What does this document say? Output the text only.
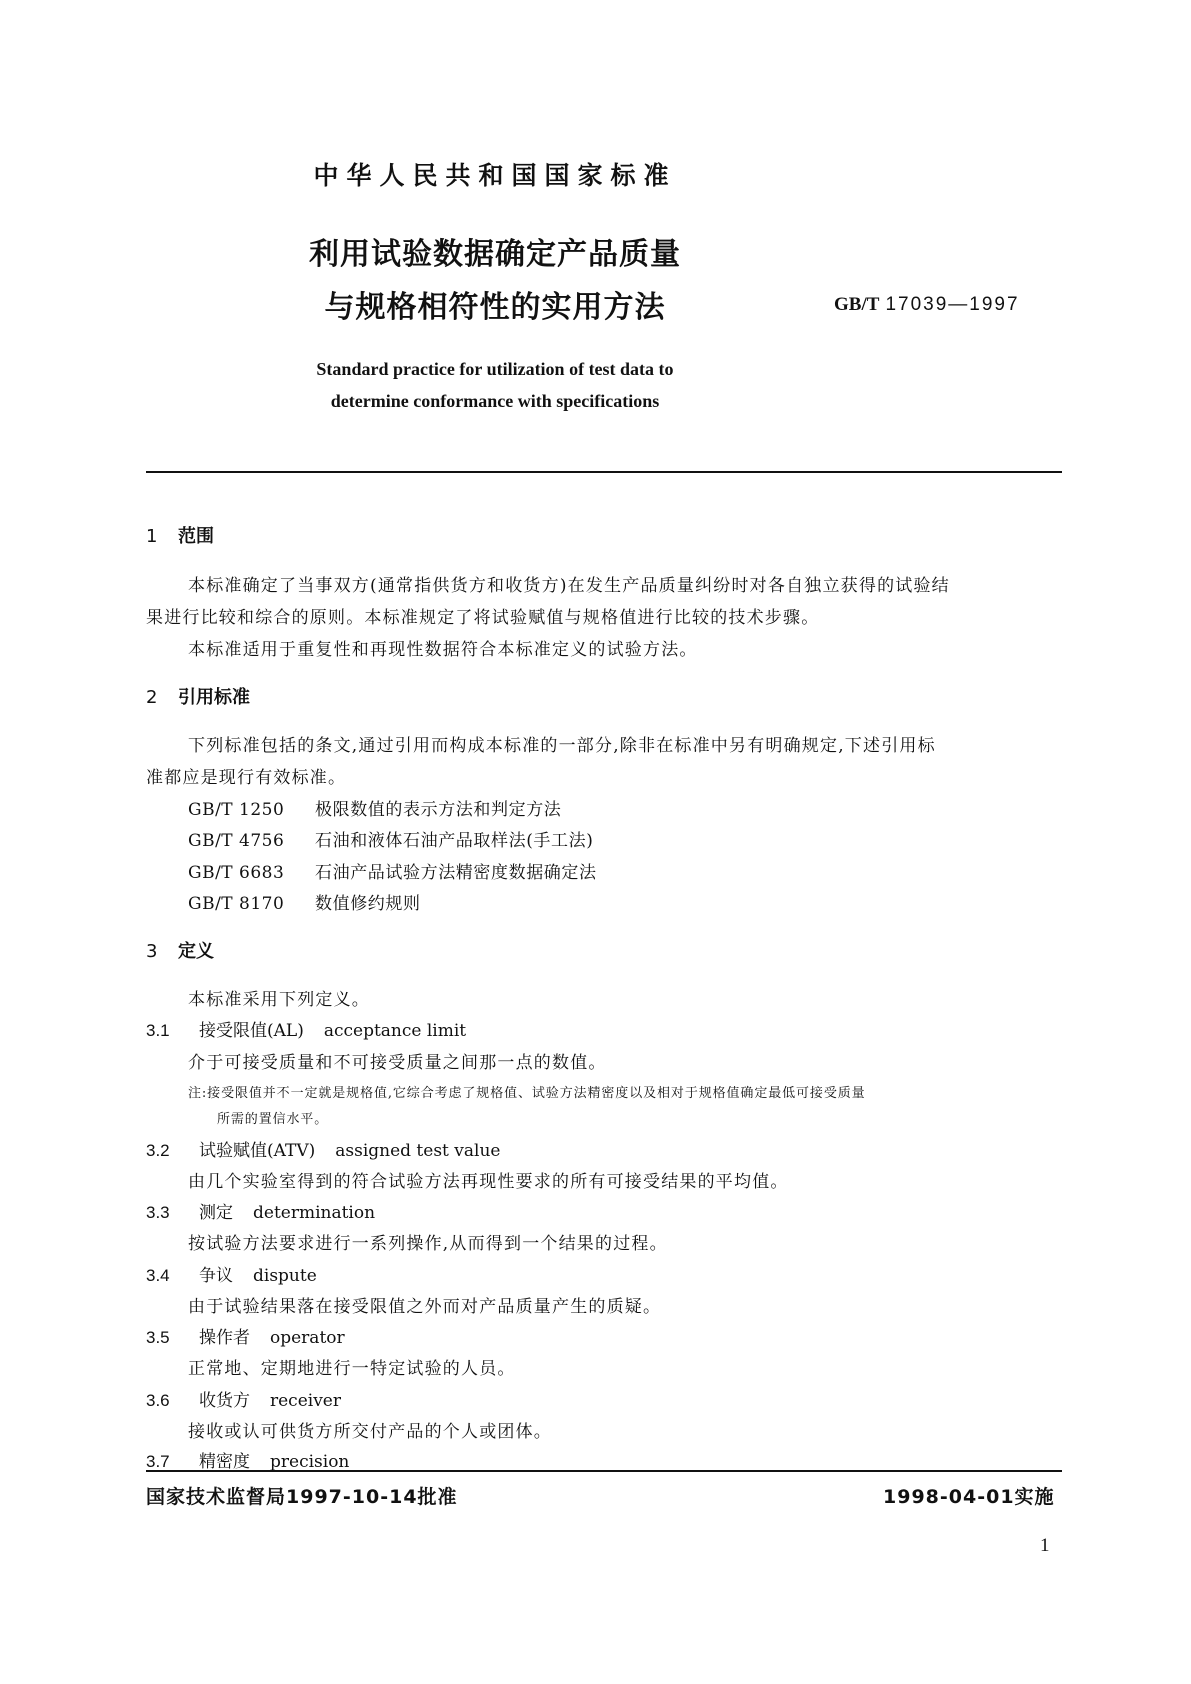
中华人民共和国国家标准
利用试验数据确定产品质量
与规格相符性的实用方法	GB/T 17039—1997
Standard practice for utilization of test data to
determine conformance with specifications
1 范围
本标准确定了当事双方(通常指供货方和收货方)在发生产品质量纠纷时对各自独立获得的试验结
果进行比较和综合的原则。本标准规定了将试验赋值与规格值进行比较的技术步骤。
本标准适用于重复性和再现性数据符合本标准定义的试验方法。
2 引用标准
下列标准包括的条文,通过引用而构成本标准的一部分,除非在标准中另有明确规定,下述引用标
准都应是现行有效标准。
GB/T 1250 极限数值的表示方法和判定方法
GB/T 4756 石油和液体石油产品取样法(手工法)
GB/T 6683 石油产品试验方法精密度数据确定法
GB/T 8170 数值修约规则
3 定义
本标准采用下列定义。
3.1 接受限值(AL) acceptance limit
介于可接受质量和不可接受质量之间那一点的数值。
注:接受限值并不一定就是规格值,它综合考虑了规格值、试验方法精密度以及相对于规格值确定最低可接受质量
所需的置信水平。
3.2 试验赋值(ATV) assigned test value
由几个实验室得到的符合试验方法再现性要求的所有可接受结果的平均值。
3.3 测定 determination
按试验方法要求进行一系列操作,从而得到一个结果的过程。
3.4 争议 dispute
由于试验结果落在接受限值之外而对产品质量产生的质疑。
3.5 操作者 operator
正常地、定期地进行一特定试验的人员。
3.6 收货方 receiver
接收或认可供货方所交付产品的个人或团体。
3.7 精密度 precision
国家技术监督局1997-10-14批准	1998-04-01实施
1
